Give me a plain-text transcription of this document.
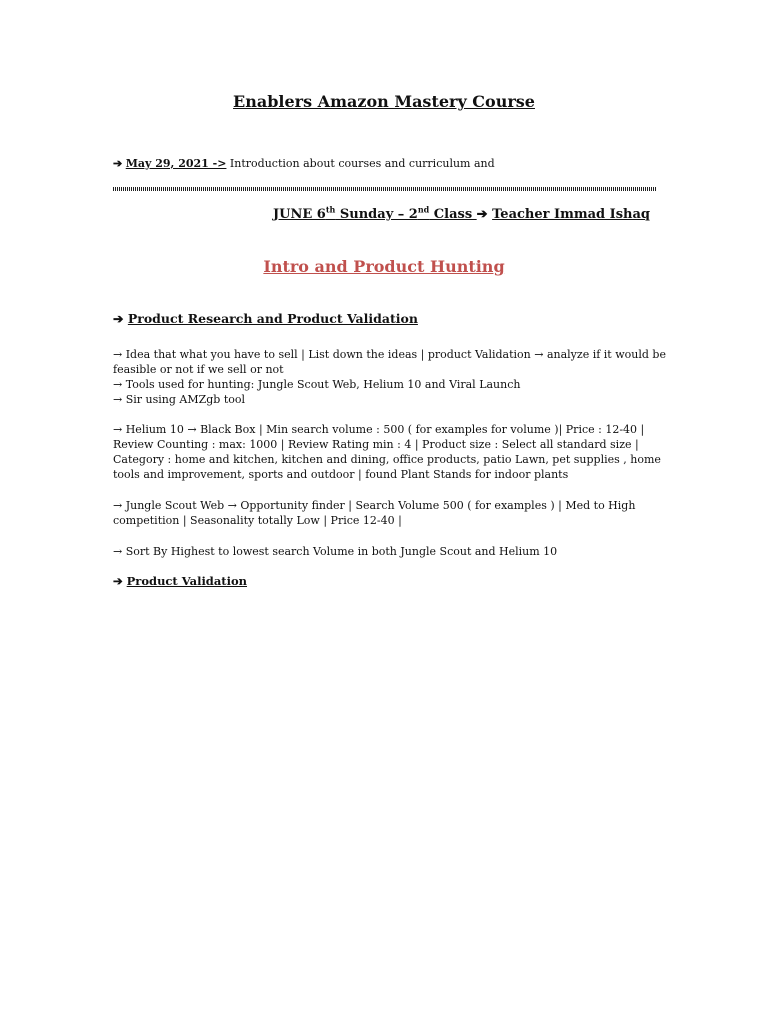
Enablers Amazon Mastery Course
➔ May 29, 2021 -> Introduction about courses and curriculum and
JUNE 6th Sunday – 2nd Class ➔ Teacher Immad Ishaq
Intro and Product Hunting
➔ Product Research and Product Validation
→ Idea that what you have to sell | List down the ideas | product Validation → analyze if it would be
feasible or not if we sell or not
→ Tools used for hunting: Jungle Scout Web, Helium 10 and Viral Launch
→ Sir using AMZgb tool
→ Helium 10 → Black Box | Min search volume : 500 ( for examples for volume )| Price : 12-40 |
Review Counting : max: 1000 | Review Rating min : 4 | Product size : Select all standard size |
Category : home and kitchen, kitchen and dining, office products, patio Lawn, pet supplies , home
tools and improvement, sports and outdoor | found Plant Stands for indoor plants
→ Jungle Scout Web → Opportunity finder | Search Volume 500 ( for examples ) | Med to High
competition | Seasonality totally Low | Price 12-40 |
→ Sort By Highest to lowest search Volume in both Jungle Scout and Helium 10
➔ Product Validation
